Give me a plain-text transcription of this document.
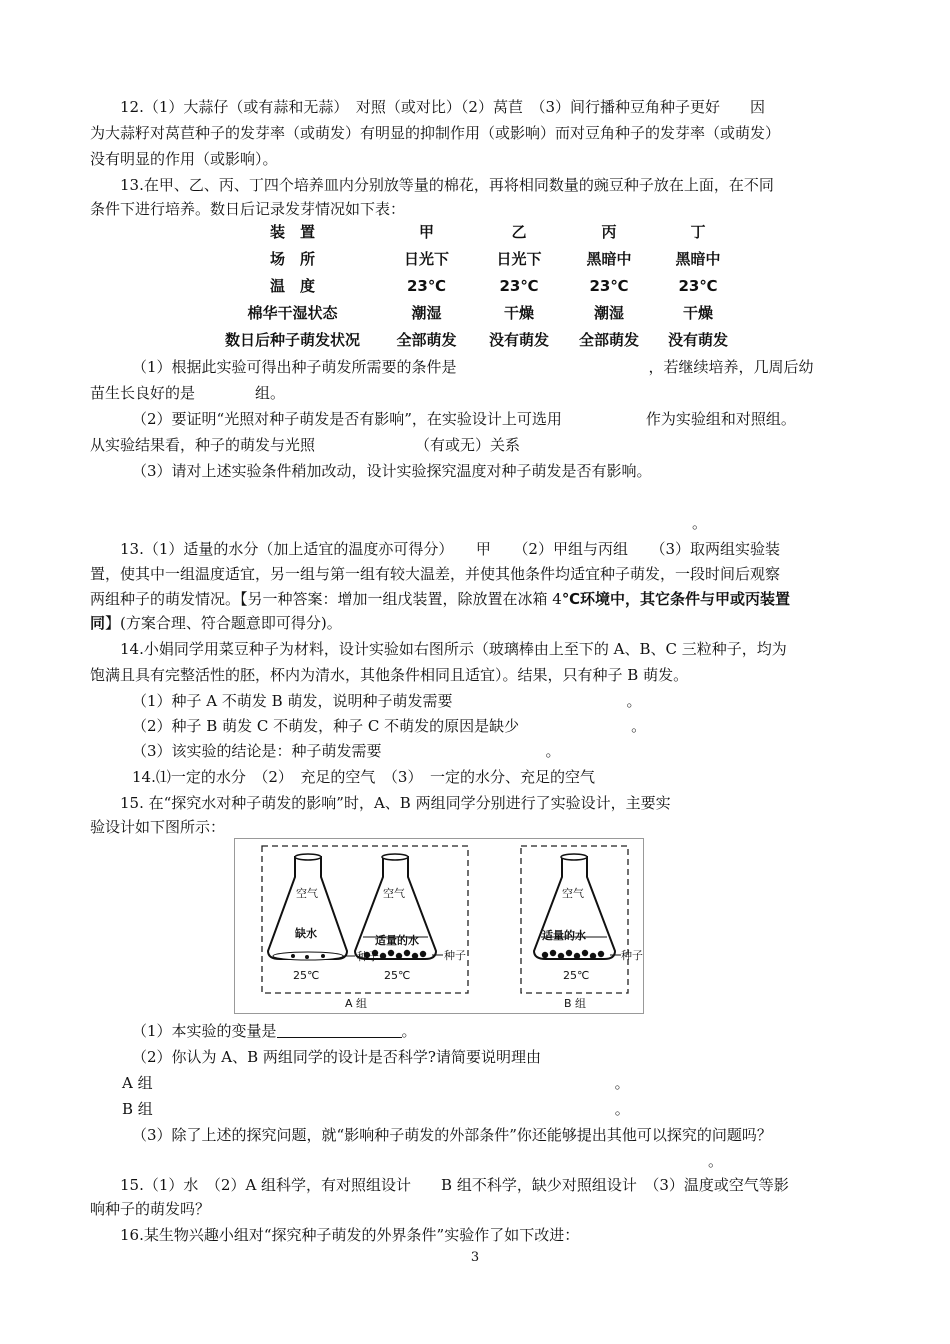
12.（1）大蒜仔（或有蒜和无蒜）　对照（或对比）（2）莴苣　（3）间行播种豆角种子更好　　因

为大蒜籽对莴苣种子的发芽率（或萌发）有明显的抑制作用（或影响）而对豆角种子的发芽率（或萌发）

没有明显的作用（或影响）。

13.在甲、乙、丙、丁四个培养皿内分别放等量的棉花，再将相同数量的豌豆种子放在上面，在不同

条件下进行培养。数日后记录发芽情况如下表：

装　置	甲	乙	丙	丁
场　所	日光下	日光下	黑暗中	黑暗中
温　度	23℃	23℃	23℃	23℃
棉华干湿状态	潮湿	干燥	潮湿	干燥
数日后种子萌发状况	全部萌发	没有萌发	全部萌发	没有萌发

（1）根据此实验可得出种子萌发所需要的条件是	，若继续培养，几周后幼

苗生长良好的是	组。

（2）要证明“光照对种子萌发是否有影响”，在实验设计上可选用	作为实验组和对照组。

从实验结果看，种子的萌发与光照	（有或无）关系

（3）请对上述实验条件稍加改动，设计实验探究温度对种子萌发是否有影响。

。

13.（1）适量的水分（加上适宜的温度亦可得分）　　甲　　（2）甲组与丙组　　（3）取两组实验装

置，使其中一组温度适宜，另一组与第一组有较大温差，并使其他条件均适宜种子萌发，一段时间后观察

两组种子的萌发情况。【另一种答案：增加一组戊装置，除放置在冰箱 4℃环境中，其它条件与甲或丙装置

同】(方案合理、符合题意即可得分)。

14.小娟同学用菜豆种子为材料，设计实验如右图所示（玻璃棒由上至下的 A、B、C 三粒种子，均为

饱满且具有完整活性的胚，杯内为清水，其他条件相同且适宜）。结果，只有种子 B 萌发。

（1）种子 A 不萌发 B 萌发，说明种子萌发需要	。

（2）种子 B 萌发 C 不萌发，种子 C 不萌发的原因是缺少	。

（3）该实验的结论是：种子萌发需要	。

14.⑴一定的水分　（2）　充足的空气　（3）　一定的水分、充足的空气

15. 在“探究水对种子萌发的影响”时，A、B 两组同学分别进行了实验设计，主要实

验设计如下图所示：

空气	空气	空气
缺水
适量的水	适量的水
种子	种子	种子
25℃	25℃	25℃
A 组	B 组

（1）本实验的变量是	。

（2）你认为 A、B 两组同学的设计是否科学?请简要说明理由

A 组	。

B 组	。

（3）除了上述的探究问题，就“影响种子萌发的外部条件”你还能够提出其他可以探究的问题吗？

。

15.（1）水　（2）A 组科学，有对照组设计　　B 组不科学，缺少对照组设计　（3）温度或空气等影

响种子的萌发吗？

16.某生物兴趣小组对“探究种子萌发的外界条件”实验作了如下改进：

3
